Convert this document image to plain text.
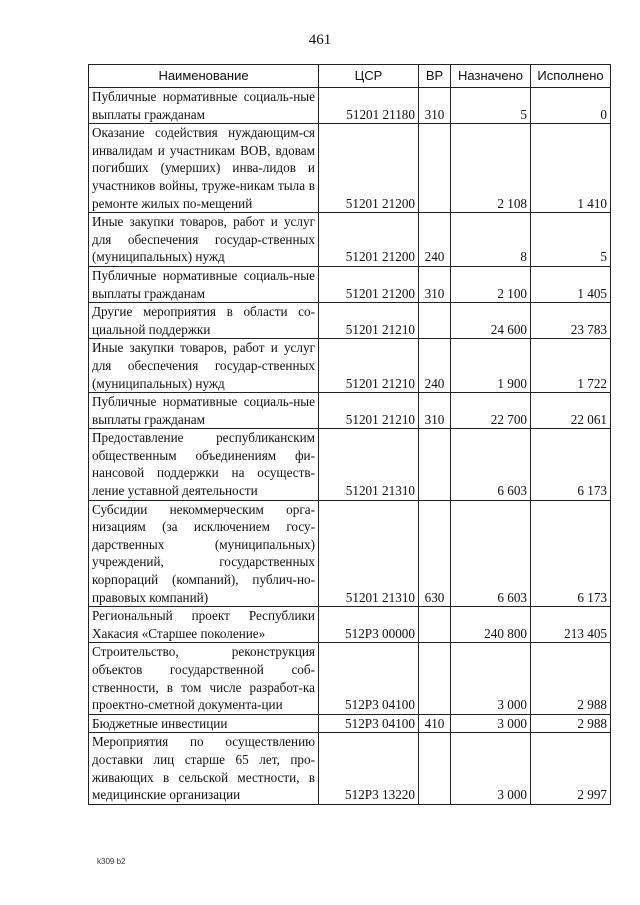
461
Наименование	ЦСР	ВР	Назначено	Исполнено
Публичные нормативные социаль-ные выплаты гражданам	51201 21180	310	5	0
Оказание содействия нуждающим-ся инвалидам и участникам ВОВ, вдовам погибших (умерших) инва-лидов и участников войны, труже-никам тыла в ремонте жилых по-мещений	51201 21200		2 108	1 410
Иные закупки товаров, работ и услуг для обеспечения государ-ственных (муниципальных) нужд	51201 21200	240	8	5
Публичные нормативные социаль-ные выплаты гражданам	51201 21200	310	2 100	1 405
Другие мероприятия в области со-циальной поддержки	51201 21210		24 600	23 783
Иные закупки товаров, работ и услуг для обеспечения государ-ственных (муниципальных) нужд	51201 21210	240	1 900	1 722
Публичные нормативные социаль-ные выплаты гражданам	51201 21210	310	22 700	22 061
Предоставление республиканским общественным объединениям фи-нансовой поддержки на осуществ-ление уставной деятельности	51201 21310		6 603	6 173
Субсидии некоммерческим орга-низациям (за исключением госу-дарственных (муниципальных) учреждений, государственных корпораций (компаний), публич-но-правовых компаний)	51201 21310	630	6 603	6 173
Региональный проект Республики Хакасия «Старшее поколение»	512Р3 00000		240 800	213 405
Строительство, реконструкция объектов государственной соб-ственности, в том числе разработ-ка проектно-сметной документа-ции	512Р3 04100		3 000	2 988
Бюджетные инвестиции	512Р3 04100	410	3 000	2 988
Мероприятия по осуществлению доставки лиц старше 65 лет, про-живающих в сельской местности, в медицинские организации	512Р3 13220		3 000	2 997
k309 b2
